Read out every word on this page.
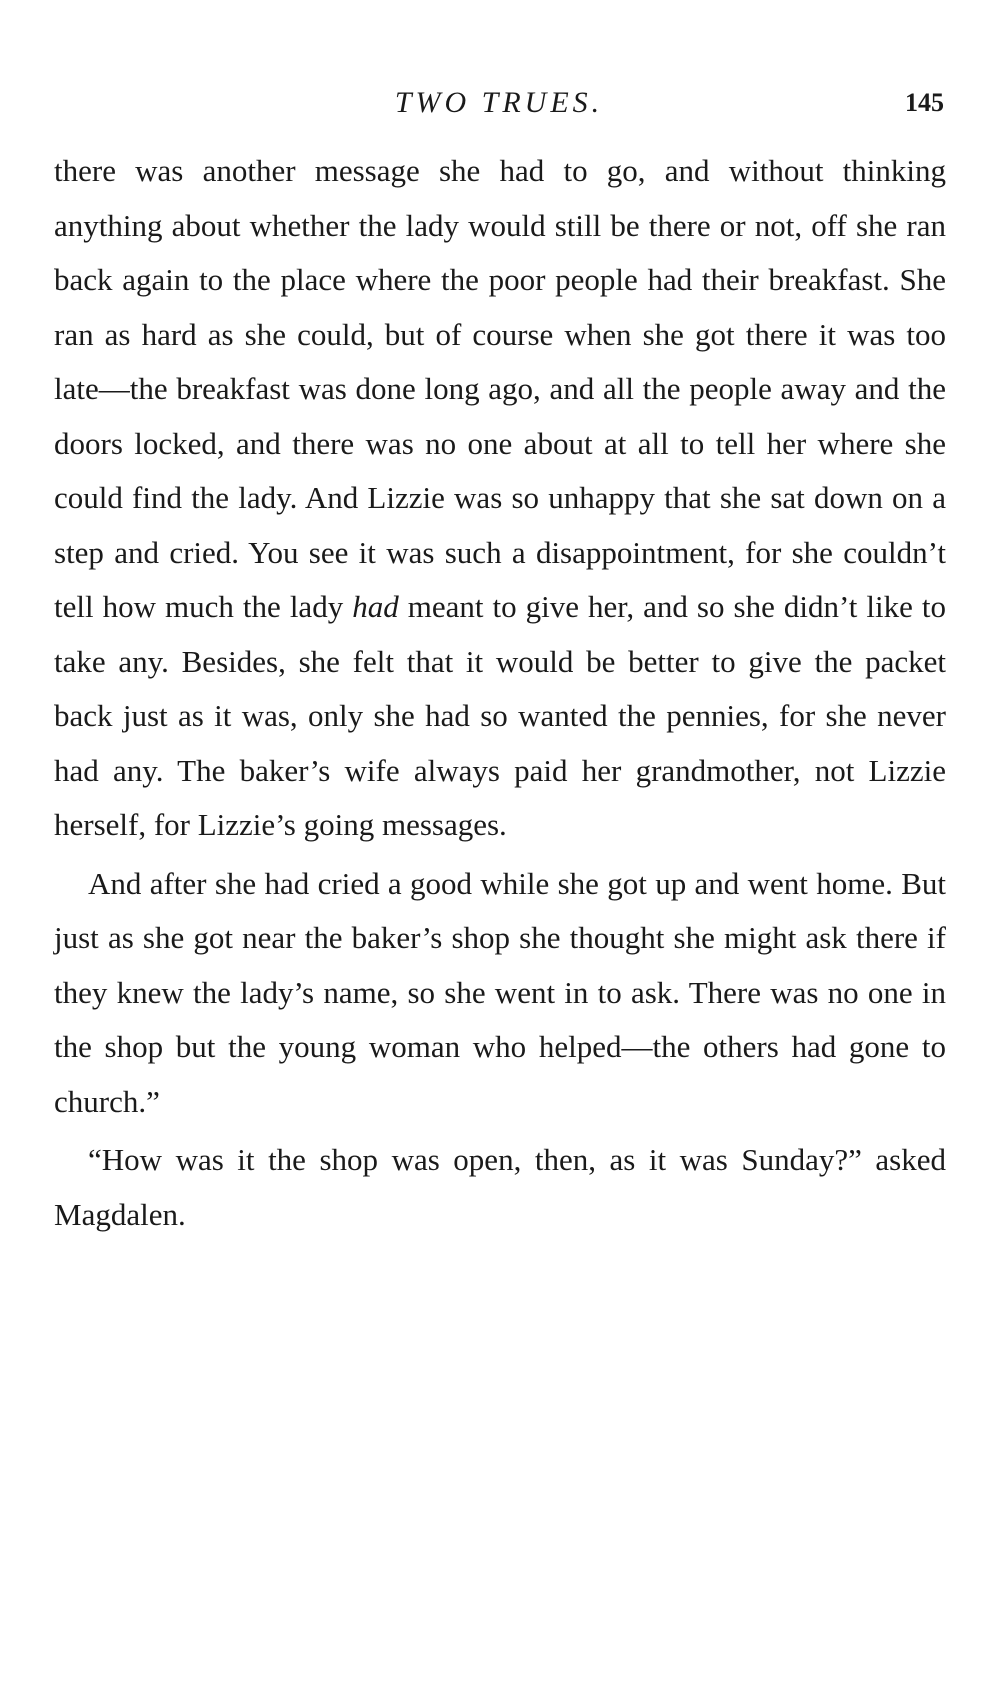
TWO TRUES.	145

there was another message she had to go, and without thinking anything about whether the lady would still be there or not, off she ran back again to the place where the poor people had their breakfast. She ran as hard as she could, but of course when she got there it was too late—the breakfast was done long ago, and all the people away and the doors locked, and there was no one about at all to tell her where she could find the lady. And Lizzie was so unhappy that she sat down on a step and cried. You see it was such a disappointment, for she couldn’t tell how much the lady had meant to give her, and so she didn’t like to take any. Besides, she felt that it would be better to give the packet back just as it was, only she had so wanted the pennies, for she never had any. The baker’s wife always paid her grandmother, not Lizzie herself, for Lizzie’s going messages.

And after she had cried a good while she got up and went home. But just as she got near the baker’s shop she thought she might ask there if they knew the lady’s name, so she went in to ask. There was no one in the shop but the young woman who helped—the others had gone to church.”

“How was it the shop was open, then, as it was Sunday?” asked Magdalen.
